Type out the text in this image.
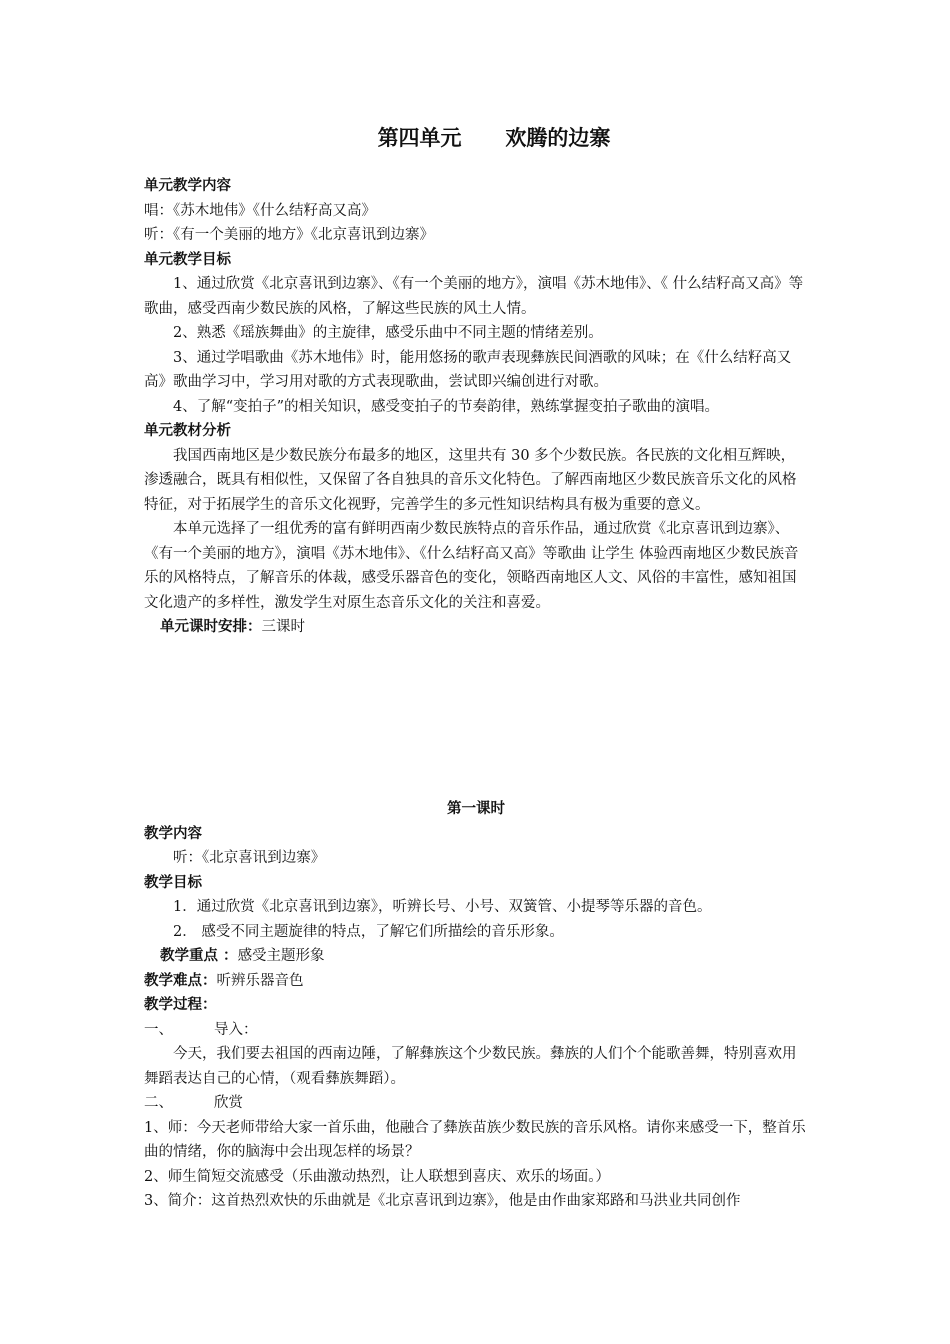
第四单元      欢腾的边寨

单元教学内容

唱：《苏木地伟》《什么结籽高又高》

听：《有一个美丽的地方》《北京喜讯到边寨》

单元教学目标

1、通过欣赏《北京喜讯到边寨》、《有一个美丽的地方》，演唱《苏木地伟》、《 什么结籽高又高》等歌曲，感受西南少数民族的风格，了解这些民族的风土人情。

2、熟悉《瑶族舞曲》的主旋律，感受乐曲中不同主题的情绪差别。

3、通过学唱歌曲《苏木地伟》时，能用悠扬的歌声表现彝族民间酒歌的风味；在《什么结籽高又高》歌曲学习中，学习用对歌的方式表现歌曲，尝试即兴编创进行对歌。

4、了解“变拍子”的相关知识，感受变拍子的节奏韵律，熟练掌握变拍子歌曲的演唱。

单元教材分析

我国西南地区是少数民族分布最多的地区，这里共有 30 多个少数民族。各民族的文化相互辉映，渗透融合，既具有相似性，又保留了各自独具的音乐文化特色。了解西南地区少数民族音乐文化的风格特征，对于拓展学生的音乐文化视野，完善学生的多元性知识结构具有极为重要的意义。

本单元选择了一组优秀的富有鲜明西南少数民族特点的音乐作品，通过欣赏《北京喜讯到边寨》、《有一个美丽的地方》，演唱《苏木地伟》、《什么结籽高又高》等歌曲 让学生 体验西南地区少数民族音乐的风格特点，了解音乐的体裁，感受乐器音色的变化，领略西南地区人文、风俗的丰富性，感知祖国文化遗产的多样性，激发学生对原生态音乐文化的关注和喜爱。

单元课时安排：三课时

第一课时

教学内容

听：《北京喜讯到边寨》

教学目标

1．通过欣赏《北京喜讯到边寨》，听辨长号、小号、双簧管、小提琴等乐器的音色。

2． 感受不同主题旋律的特点，了解它们所描绘的音乐形象。

教学重点 ：感受主题形象

教学难点：听辨乐器音色

教学过程：

一、	导入：

今天，我们要去祖国的西南边陲，了解彝族这个少数民族。彝族的人们个个能歌善舞，特别喜欢用舞蹈表达自己的心情，（观看彝族舞蹈）。

二、	欣赏

1、师：今天老师带给大家一首乐曲，他融合了彝族苗族少数民族的音乐风格。请你来感受一下，整首乐曲的情绪，你的脑海中会出现怎样的场景？

2、师生简短交流感受（乐曲激动热烈，让人联想到喜庆、欢乐的场面。）

3、简介：这首热烈欢快的乐曲就是《北京喜讯到边寨》，他是由作曲家郑路和马洪业共同创作
